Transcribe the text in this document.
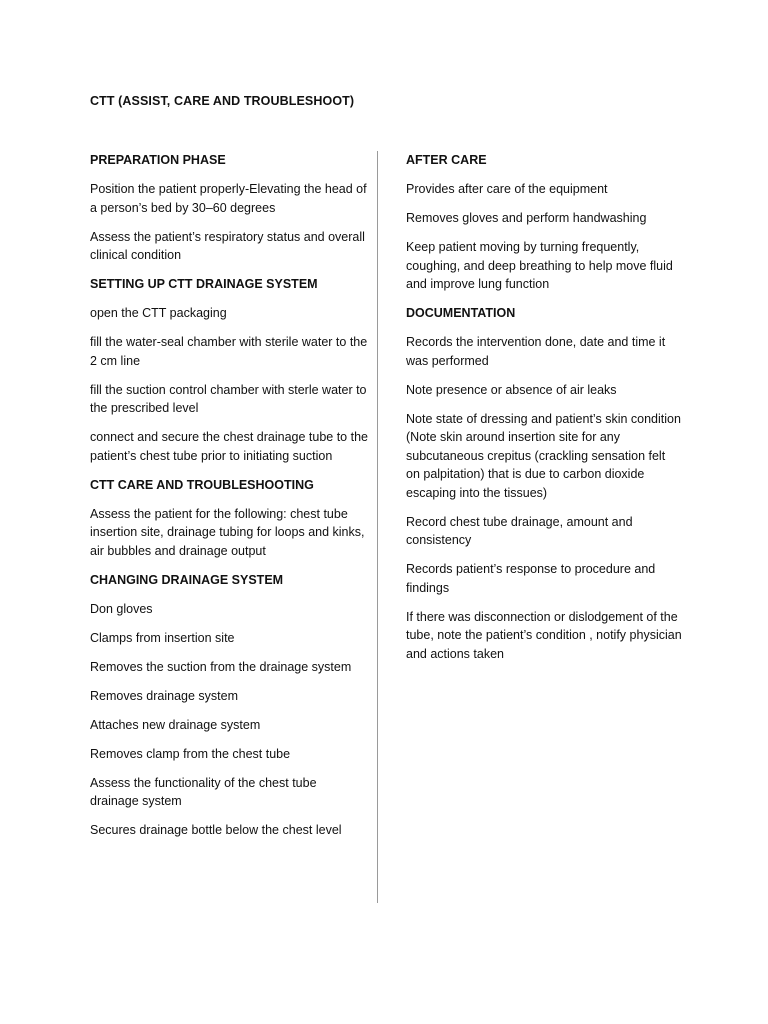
CTT (ASSIST, CARE AND TROUBLESHOOT)
PREPARATION PHASE

Position the patient properly-Elevating the head of a person’s bed by 30–60 degrees

Assess the patient’s respiratory status and overall clinical condition

SETTING UP CTT DRAINAGE SYSTEM

open the CTT packaging

fill the water-seal chamber with sterile water to the 2 cm line

fill the suction control chamber with sterle water to the prescribed level

connect and secure the chest drainage tube to the patient’s chest tube prior to initiating suction

CTT CARE AND TROUBLESHOOTING

Assess the patient for the following: chest tube insertion site, drainage tubing for loops and kinks, air bubbles and drainage output

CHANGING DRAINAGE SYSTEM

Don gloves

Clamps from insertion site

Removes the suction from the drainage system

Removes drainage system

Attaches new drainage system

Removes clamp from the chest tube

Assess the functionality of the chest tube drainage system

Secures drainage bottle below the chest level

AFTER CARE

Provides after care of the equipment

Removes gloves and perform handwashing

Keep patient moving by turning frequently, coughing, and deep breathing to help move fluid and improve lung function

DOCUMENTATION

Records the intervention done, date and time it was performed

Note presence or absence of air leaks

Note state of dressing and patient’s skin condition (Note skin around insertion site for any subcutaneous crepitus (crackling sensation felt on palpitation) that is due to carbon dioxide escaping into the tissues)

Record chest tube drainage, amount and consistency

Records patient’s response to procedure and findings

If there was disconnection or dislodgement of the tube, note the patient’s condition , notify physician and actions taken
